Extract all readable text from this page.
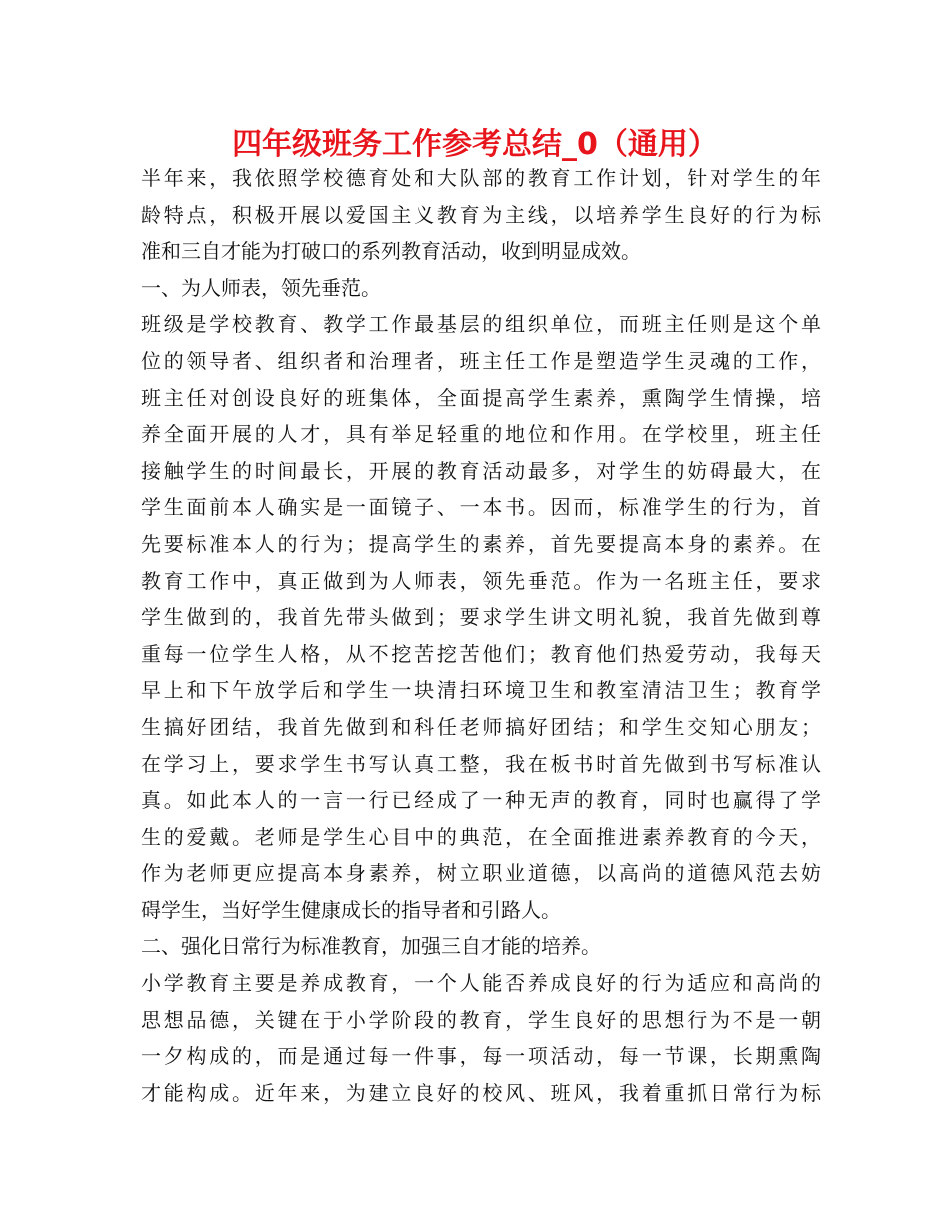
四年级班务工作参考总结_0（通用）
半年来，我依照学校德育处和大队部的教育工作计划，针对学生的年
龄特点，积极开展以爱国主义教育为主线，以培养学生良好的行为标
准和三自才能为打破口的系列教育活动，收到明显成效。
一、为人师表，领先垂范。
班级是学校教育、教学工作最基层的组织单位，而班主任则是这个单
位的领导者、组织者和治理者，班主任工作是塑造学生灵魂的工作，
班主任对创设良好的班集体，全面提高学生素养，熏陶学生情操，培
养全面开展的人才，具有举足轻重的地位和作用。在学校里，班主任
接触学生的时间最长，开展的教育活动最多，对学生的妨碍最大，在
学生面前本人确实是一面镜子、一本书。因而，标准学生的行为，首
先要标准本人的行为；提高学生的素养，首先要提高本身的素养。在
教育工作中，真正做到为人师表，领先垂范。作为一名班主任，要求
学生做到的，我首先带头做到；要求学生讲文明礼貌，我首先做到尊
重每一位学生人格，从不挖苦挖苦他们；教育他们热爱劳动，我每天
早上和下午放学后和学生一块清扫环境卫生和教室清洁卫生；教育学
生搞好团结，我首先做到和科任老师搞好团结；和学生交知心朋友；
在学习上，要求学生书写认真工整，我在板书时首先做到书写标准认
真。如此本人的一言一行已经成了一种无声的教育，同时也赢得了学
生的爱戴。老师是学生心目中的典范，在全面推进素养教育的今天，
作为老师更应提高本身素养，树立职业道德，以高尚的道德风范去妨
碍学生，当好学生健康成长的指导者和引路人。
二、强化日常行为标准教育，加强三自才能的培养。
小学教育主要是养成教育，一个人能否养成良好的行为适应和高尚的
思想品德，关键在于小学阶段的教育，学生良好的思想行为不是一朝
一夕构成的，而是通过每一件事，每一项活动，每一节课，长期熏陶
才能构成。近年来，为建立良好的校风、班风，我着重抓日常行为标
